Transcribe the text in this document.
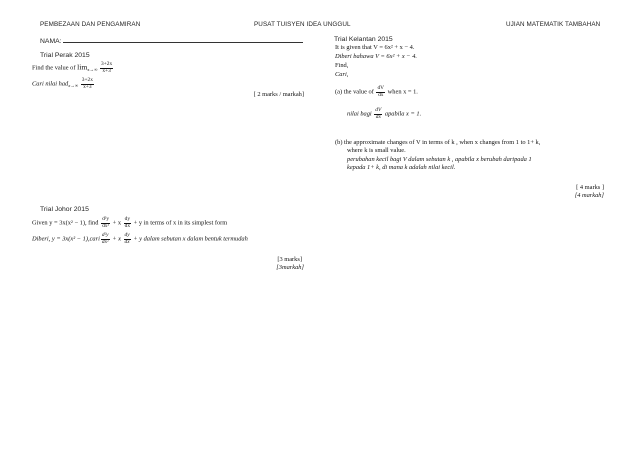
PEMBEZAAN DAN PENGAMIRAN	PUSAT TUISYEN IDEA UNGGUL	UJIAN MATEMATIK TAMBAHAN
NAMA:
Trial Perak 2015
Find the value of $\lim_{x\to\infty} \frac{3+2x}{x+3}$
Cari nilai $had_{x\to\infty} \frac{3+2x}{x+3}$
[ 2 marks / markah]
Trial Johor 2015
Given y = 3x(x² − 1), find $\frac{\text{d²y}}{\text{dx²}} + x \frac{dy}{dx} + y$ in terms of x in its simplest form
Diberi, y = 3x(x² − 1),cari $\frac{\text{d²y}}{\text{dx²}} + x \frac{dy}{dx} + y$ dalam sebutan x dalam bentuk termudah
[3 marks]
[3markah]
Trial Kelantan 2015
It is given that V = 6x² + x − 4.
Diberi bahawa V = 6x² + x − 4.
Find,
Cari,
(a) the value of $\frac{dV}{dx}$ when x = 1.
nilai bagi $\frac{dV}{dx}$ apabila x = 1.
(b) the approximate changes of V in terms of k , when x changes from 1 to 1+ k,
where k is small value.
perubahan kecil bagi V dalam sebutan k , apabila x berubah daripada 1
kepada 1+ k, di mana k adalah nilai kecil.
[ 4 marks ]
[4 markah]
